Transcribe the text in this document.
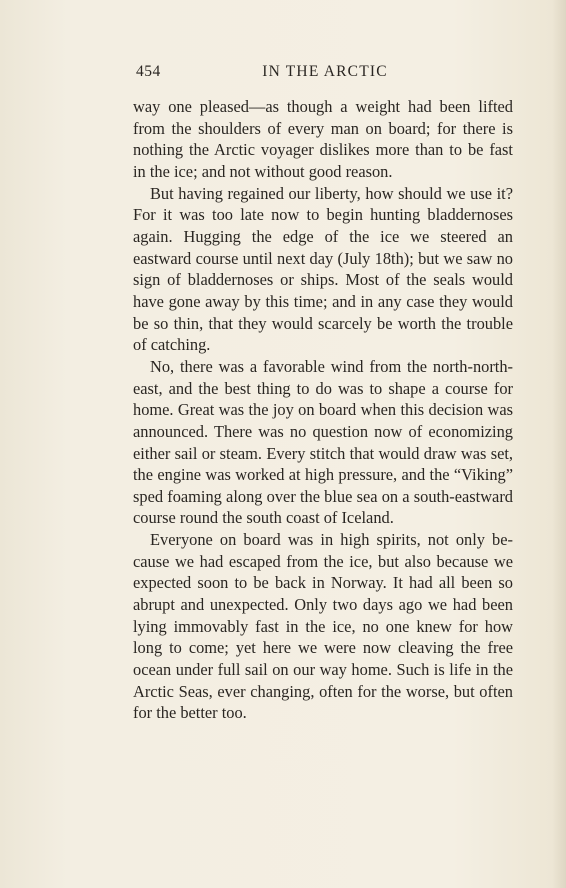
454	IN THE ARCTIC

way one pleased—as though a weight had been lifted from the shoulders of every man on board; for there is nothing the Arctic voyager dislikes more than to be fast in the ice; and not without good reason.

But having regained our liberty, how should we use it? For it was too late now to begin hunting bladdernoses again. Hugging the edge of the ice we steered an eastward course until next day (July 18th); but we saw no sign of bladdernoses or ships. Most of the seals would have gone away by this time; and in any case they would be so thin, that they would scarcely be worth the trouble of catching.

No, there was a favorable wind from the north-north-east, and the best thing to do was to shape a course for home. Great was the joy on board when this decision was announced. There was no question now of economizing either sail or steam. Every stitch that would draw was set, the engine was worked at high pressure, and the “Viking” sped foaming along over the blue sea on a south-eastward course round the south coast of Iceland.

Everyone on board was in high spirits, not only because we had escaped from the ice, but also because we expected soon to be back in Norway. It had all been so abrupt and unexpected. Only two days ago we had been lying immovably fast in the ice, no one knew for how long to come; yet here we were now cleaving the free ocean under full sail on our way home. Such is life in the Arctic Seas, ever changing, often for the worse, but often for the better too.
